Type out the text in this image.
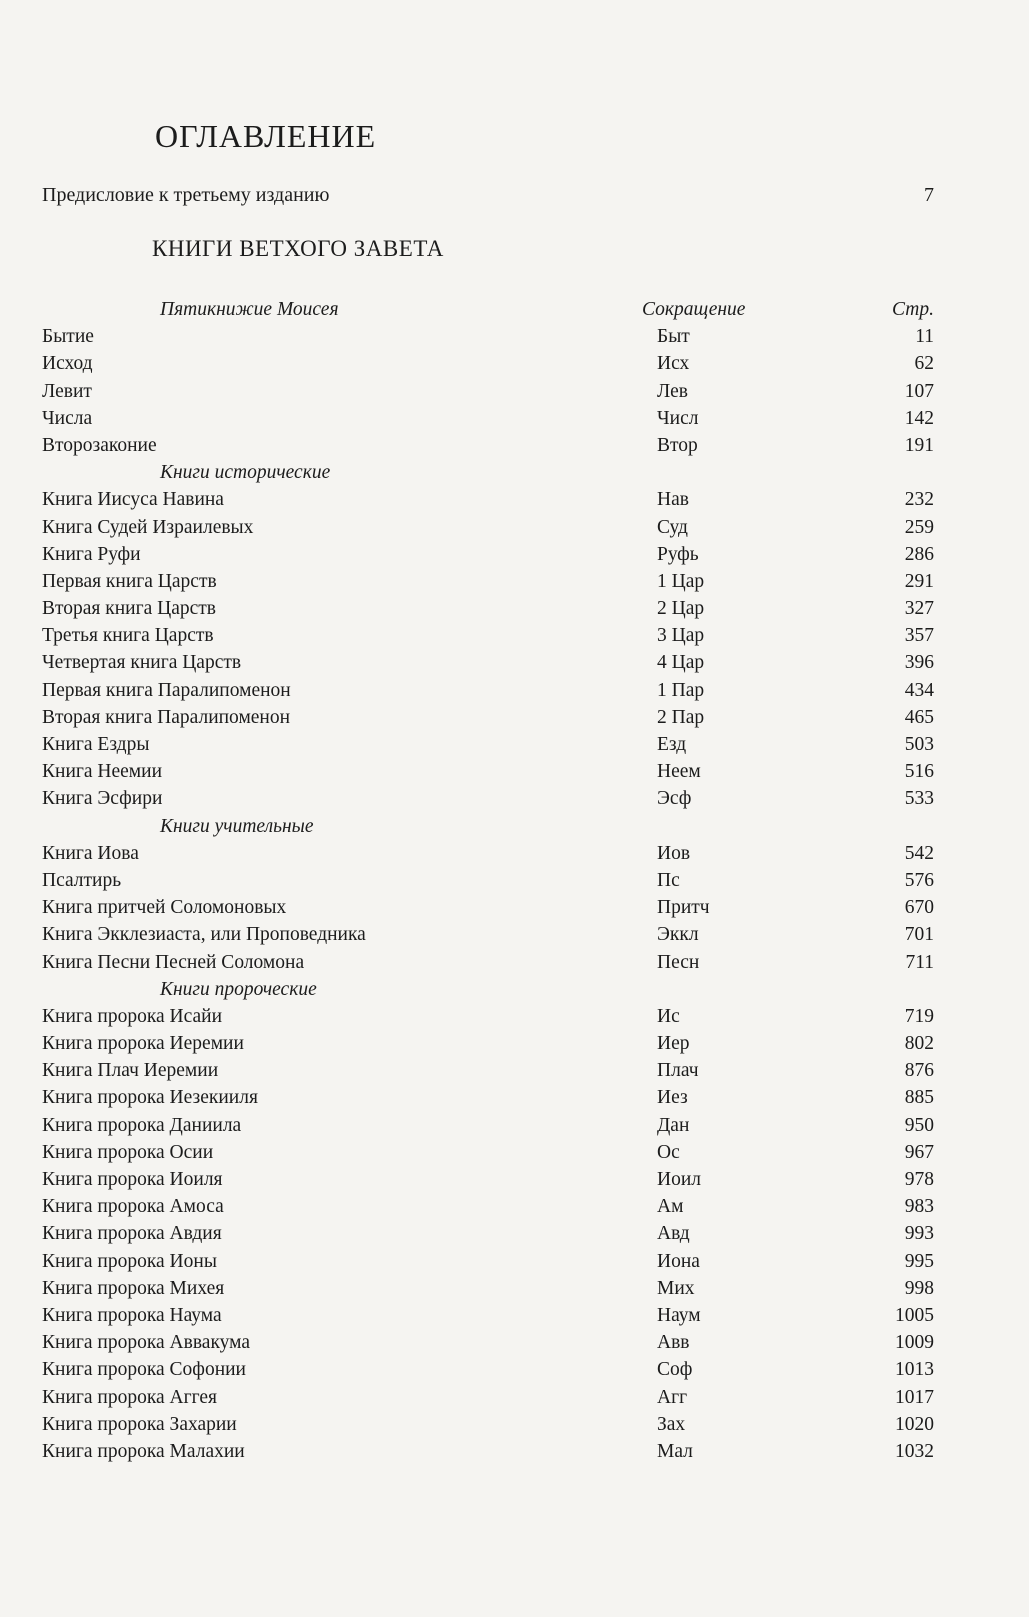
ОГЛАВЛЕНИЕ
Предисловие к третьему изданию	7
КНИГИ ВЕТХОГО ЗАВЕТА
Пятикнижие Моисея	Сокращение	Стр.
Бытие	Быт	11
Исход	Исх	62
Левит	Лев	107
Числа	Числ	142
Второзаконие	Втор	191
Книги исторические
Книга Иисуса Навина	Нав	232
Книга Судей Израилевых	Суд	259
Книга Руфи	Руфь	286
Первая книга Царств	1 Цар	291
Вторая книга Царств	2 Цар	327
Третья книга Царств	3 Цар	357
Четвертая книга Царств	4 Цар	396
Первая книга Паралипоменон	1 Пар	434
Вторая книга Паралипоменон	2 Пар	465
Книга Ездры	Езд	503
Книга Неемии	Неем	516
Книга Эсфири	Эсф	533
Книги учительные
Книга Иова	Иов	542
Псалтирь	Пс	576
Книга притчей Соломоновых	Притч	670
Книга Экклезиаста, или Проповедника	Эккл	701
Книга Песни Песней Соломона	Песн	711
Книги пророческие
Книга пророка Исайи	Ис	719
Книга пророка Иеремии	Иер	802
Книга Плач Иеремии	Плач	876
Книга пророка Иезекииля	Иез	885
Книга пророка Даниила	Дан	950
Книга пророка Осии	Ос	967
Книга пророка Иоиля	Иоил	978
Книга пророка Амоса	Ам	983
Книга пророка Авдия	Авд	993
Книга пророка Ионы	Иона	995
Книга пророка Михея	Мих	998
Книга пророка Наума	Наум	1005
Книга пророка Аввакума	Авв	1009
Книга пророка Софонии	Соф	1013
Книга пророка Аггея	Агг	1017
Книга пророка Захарии	Зах	1020
Книга пророка Малахии	Мал	1032
